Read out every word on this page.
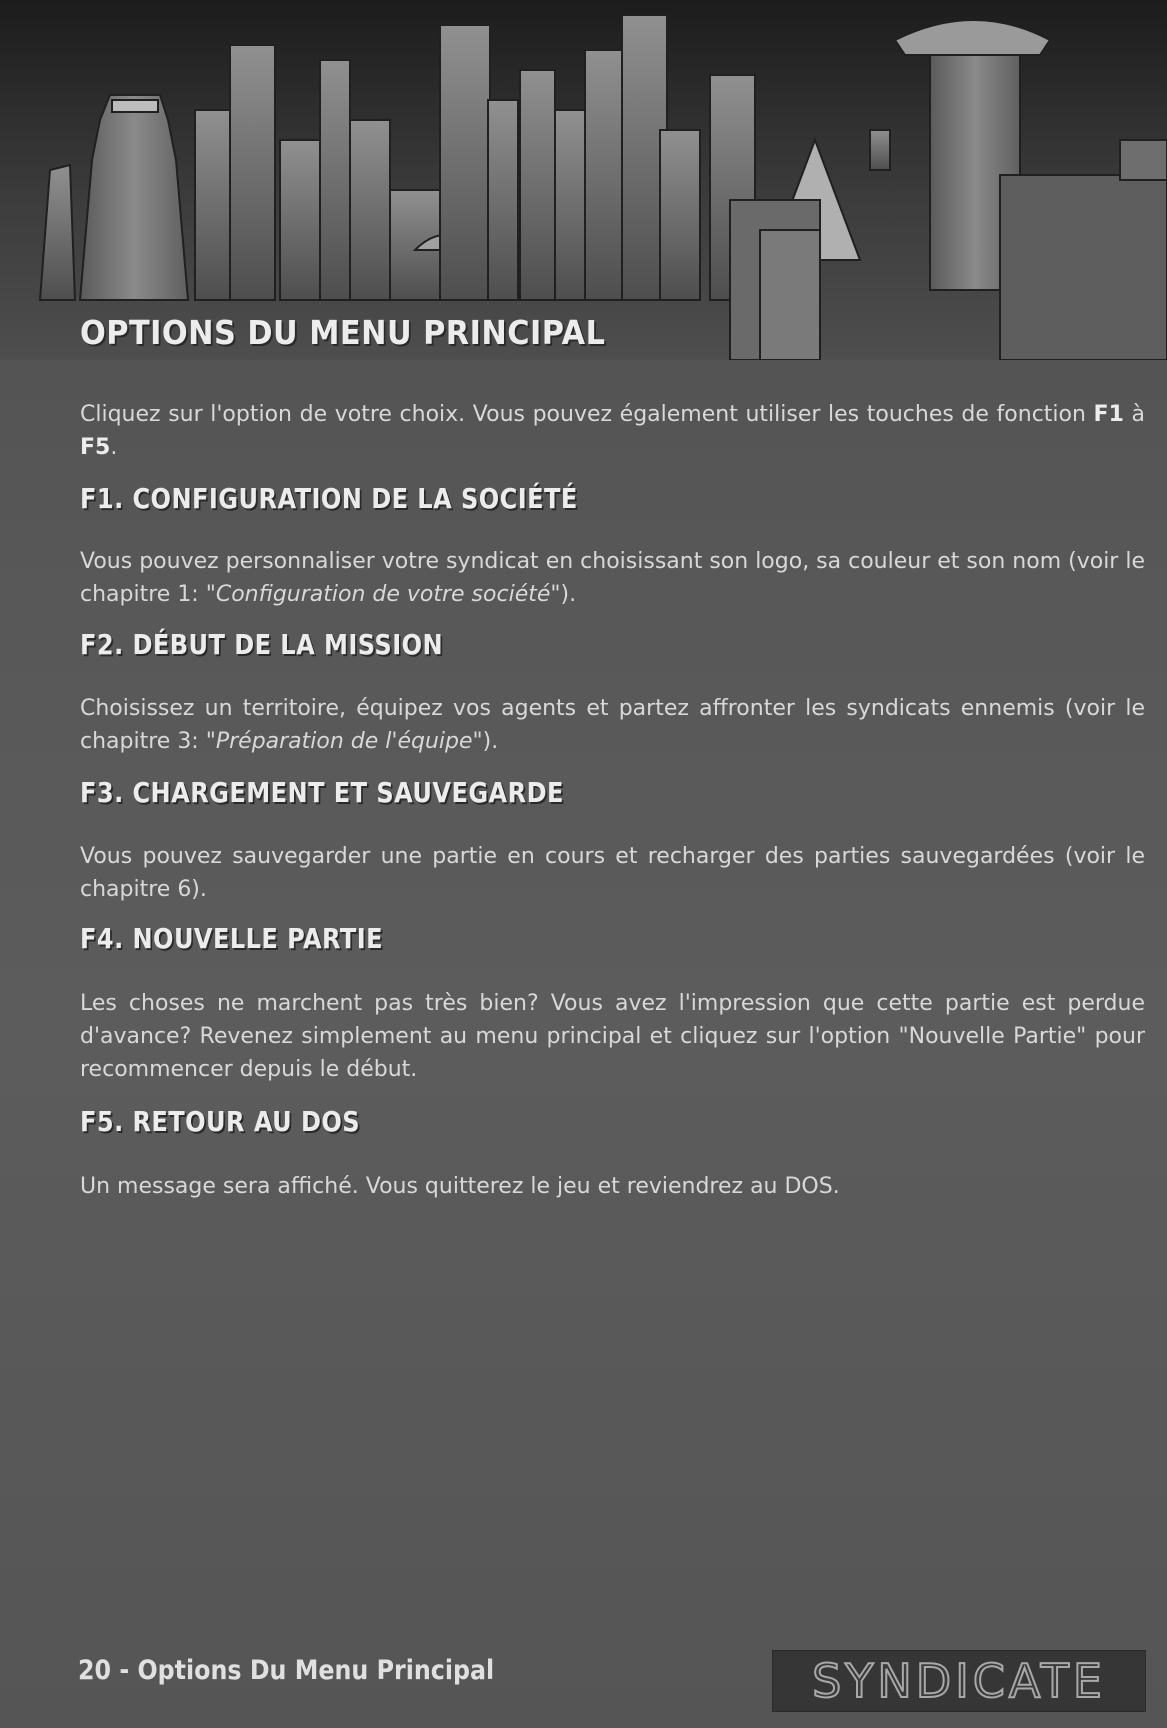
OPTIONS DU MENU PRINCIPAL

Cliquez sur l'option de votre choix. Vous pouvez également utiliser les touches de fonction F1 à F5.

F1. CONFIGURATION DE LA SOCIÉTÉ

Vous pouvez personnaliser votre syndicat en choisissant son logo, sa couleur et son nom (voir le chapitre 1: "Configuration de votre société").

F2. DÉBUT DE LA MISSION

Choisissez un territoire, équipez vos agents et partez affronter les syndicats ennemis (voir le chapitre 3: "Préparation de l'équipe").

F3. CHARGEMENT ET SAUVEGARDE

Vous pouvez sauvegarder une partie en cours et recharger des parties sauvegardées (voir le chapitre 6).

F4. NOUVELLE PARTIE

Les choses ne marchent pas très bien? Vous avez l'impression que cette partie est perdue d'avance? Revenez simplement au menu principal et cliquez sur l'option "Nouvelle Partie" pour recommencer depuis le début.

F5. RETOUR AU DOS

Un message sera affiché. Vous quitterez le jeu et reviendrez au DOS.

20 - Options Du Menu Principal	SYNDICATE
